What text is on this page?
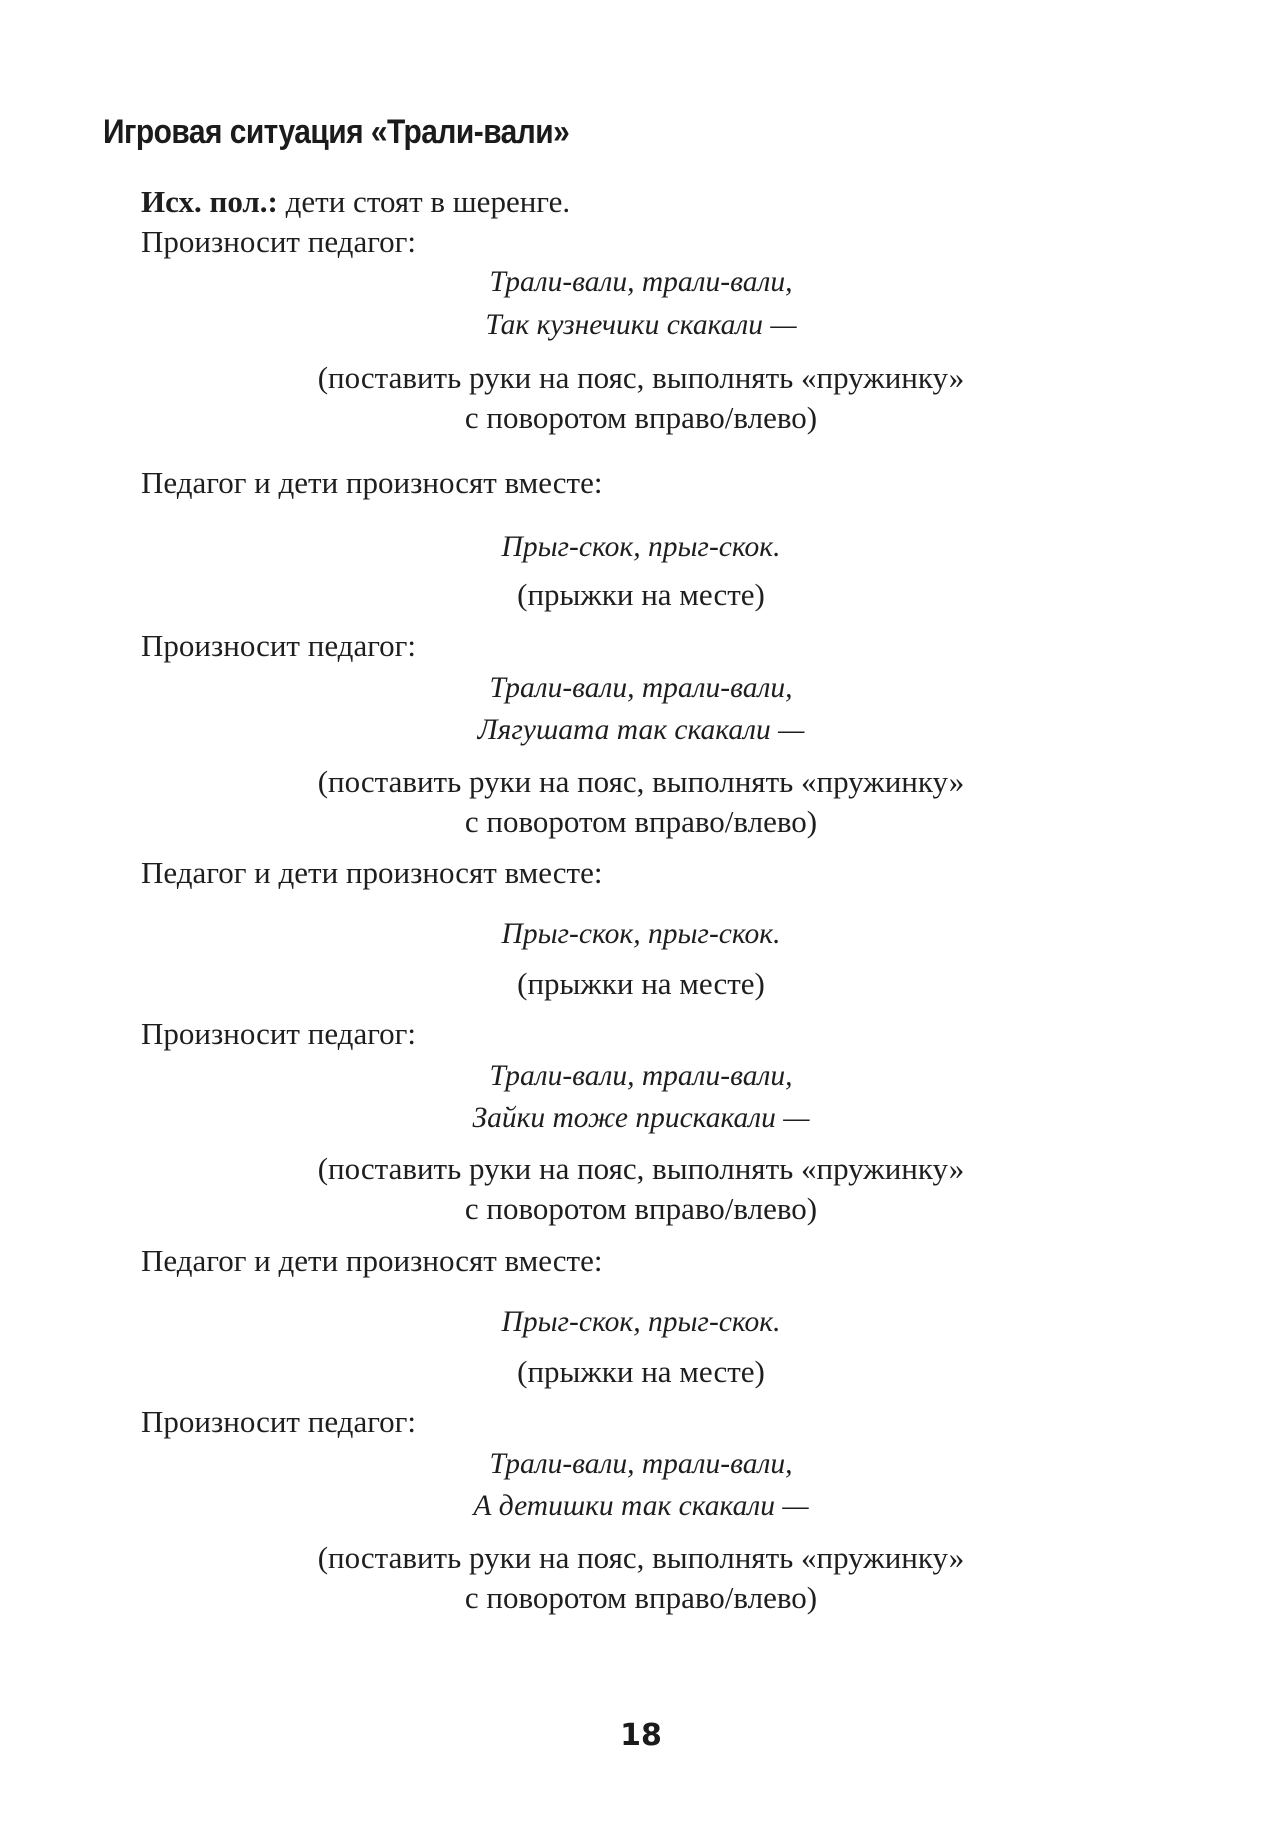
Игровая ситуация «Трали-вали»
Исх. пол.: дети стоят в шеренге.
Произносит педагог:
Трали-вали, трали-вали,
Так кузнечики скакали —
(поставить руки на пояс, выполнять «пружинку»
с поворотом вправо/влево)
Педагог и дети произносят вместе:
Прыг-скок, прыг-скок.
(прыжки на месте)
Произносит педагог:
Трали-вали, трали-вали,
Лягушата так скакали —
(поставить руки на пояс, выполнять «пружинку»
с поворотом вправо/влево)
Педагог и дети произносят вместе:
Прыг-скок, прыг-скок.
(прыжки на месте)
Произносит педагог:
Трали-вали, трали-вали,
Зайки тоже прискакали —
(поставить руки на пояс, выполнять «пружинку»
с поворотом вправо/влево)
Педагог и дети произносят вместе:
Прыг-скок, прыг-скок.
(прыжки на месте)
Произносит педагог:
Трали-вали, трали-вали,
А детишки так скакали —
(поставить руки на пояс, выполнять «пружинку»
с поворотом вправо/влево)
18
